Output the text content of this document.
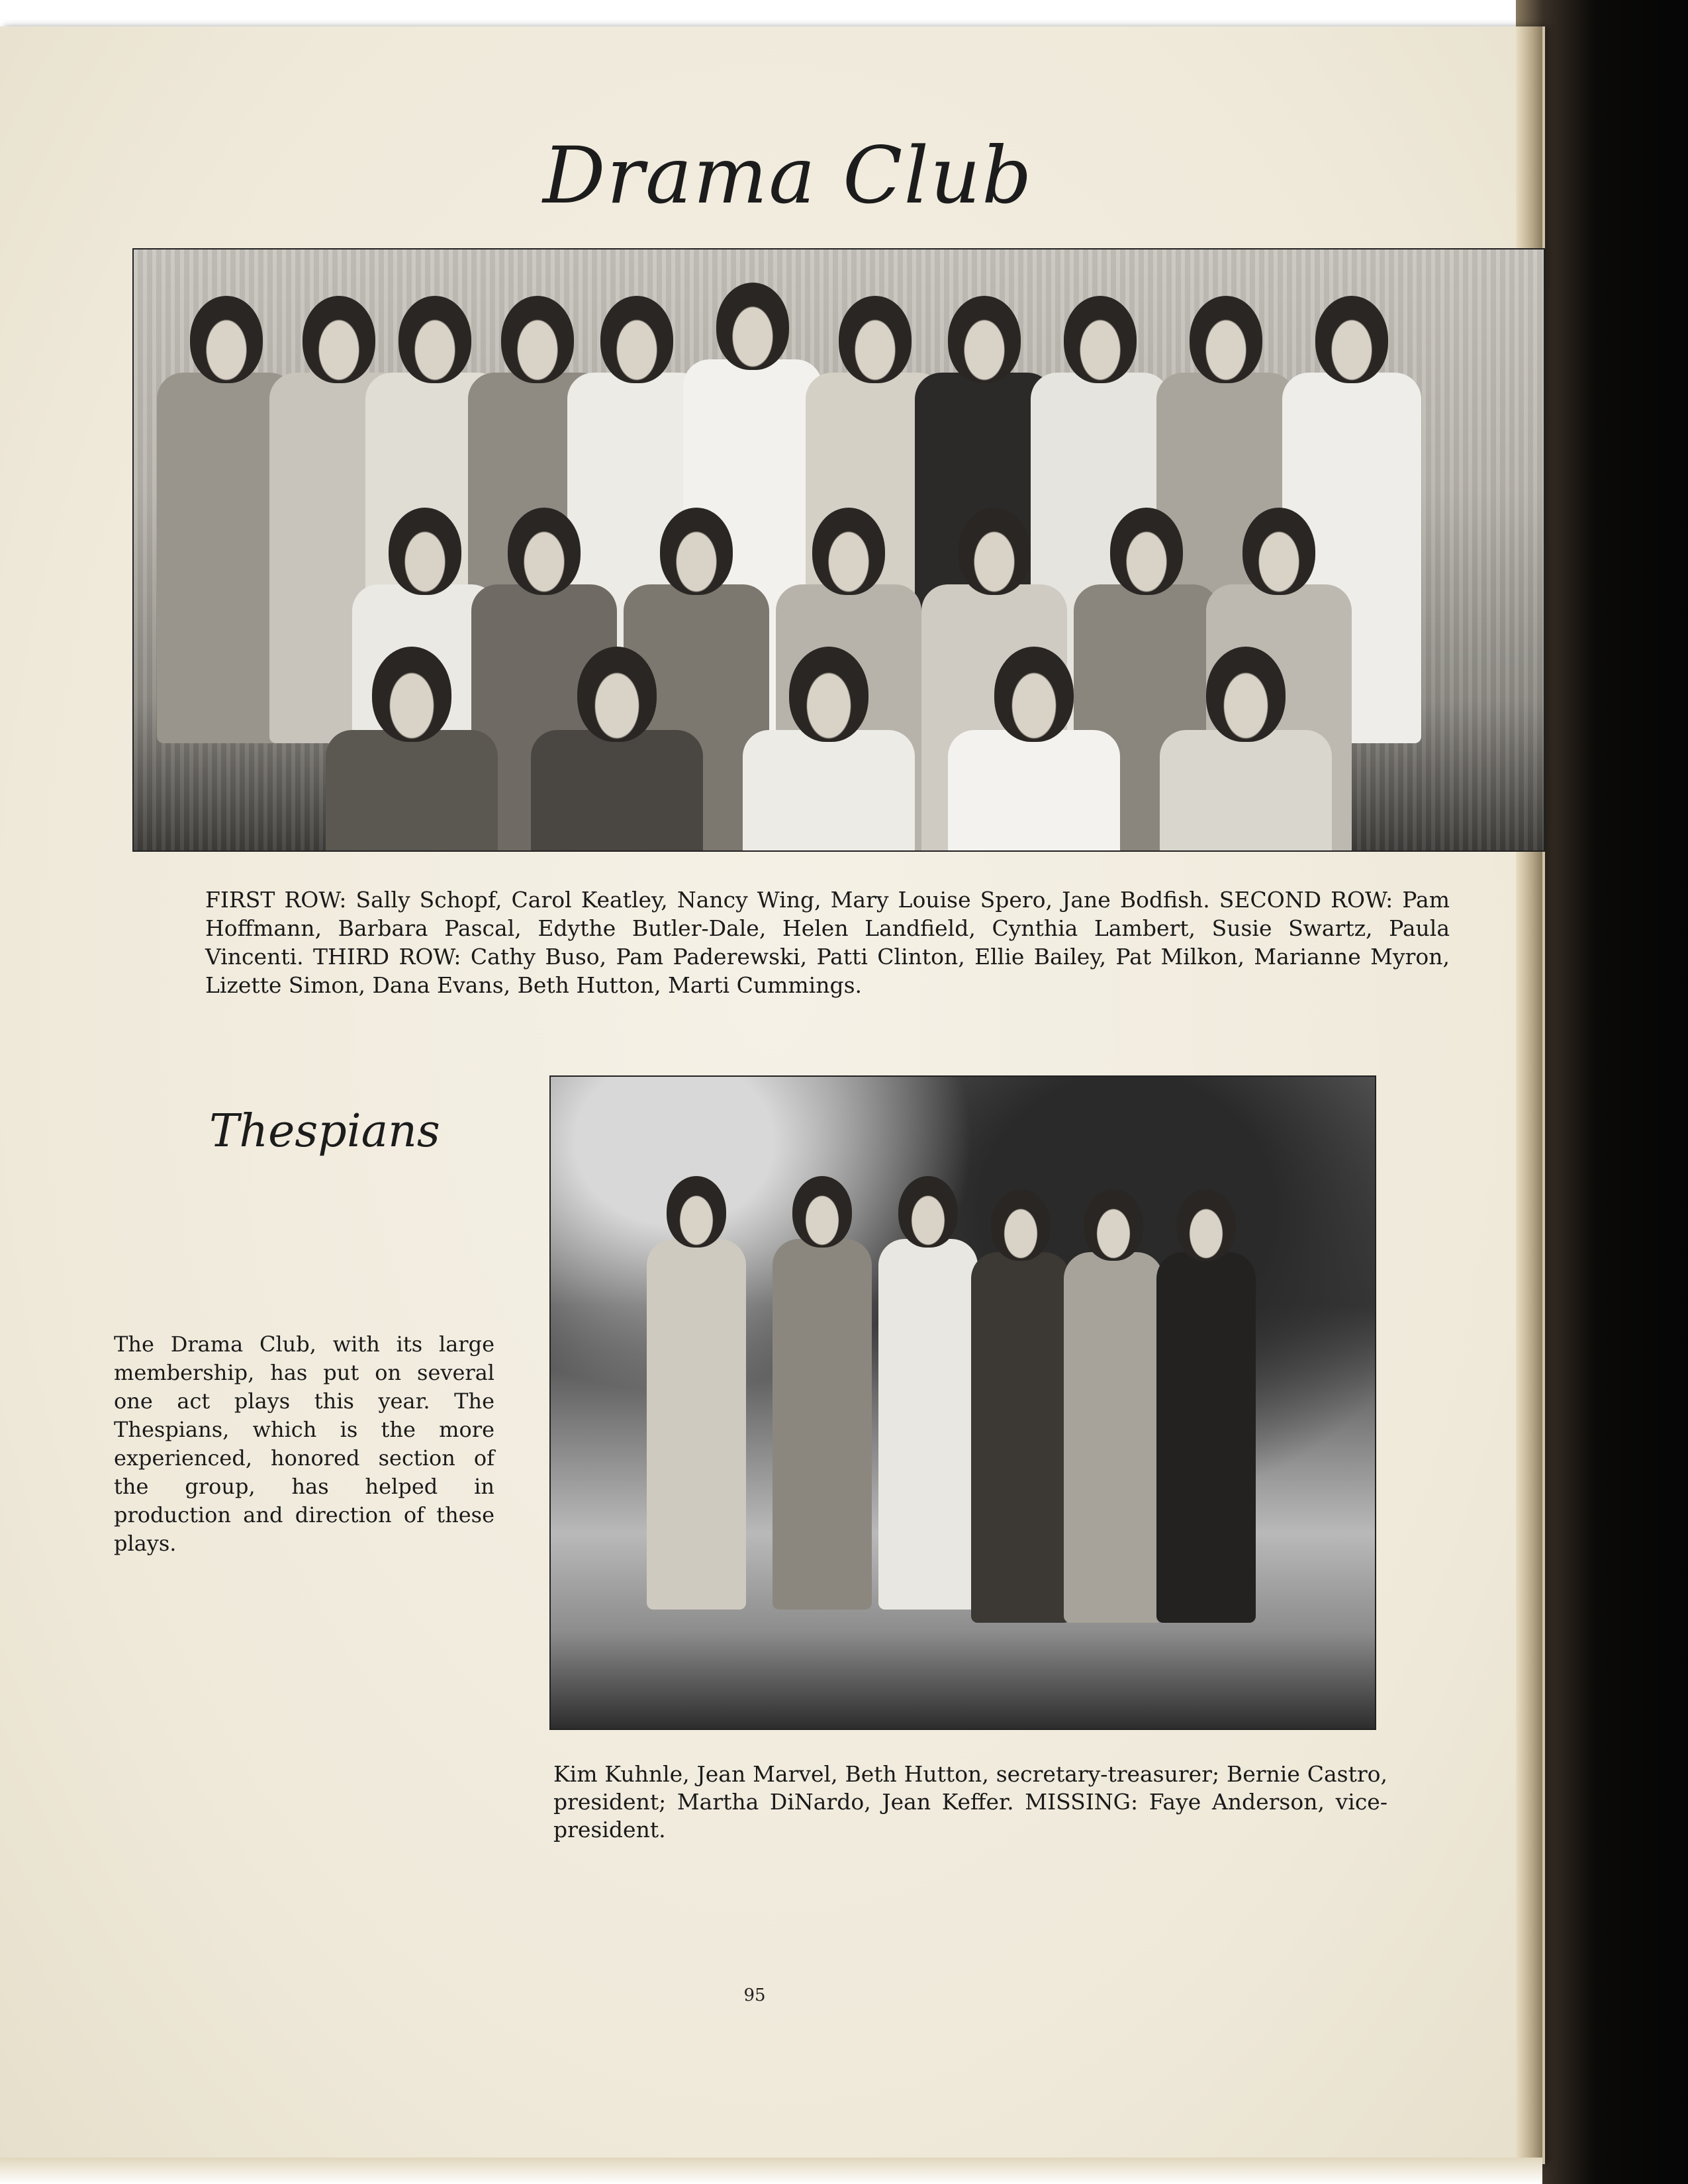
Drama Club
FIRST ROW: Sally Schopf, Carol Keatley, Nancy Wing, Mary Louise Spero, Jane Bodfish. SECOND ROW: Pam Hoffmann, Barbara Pascal, Edythe Butler-Dale, Helen Landfield, Cynthia Lambert, Susie Swartz, Paula Vincenti. THIRD ROW: Cathy Buso, Pam Paderewski, Patti Clinton, Ellie Bailey, Pat Milkon, Marianne Myron, Lizette Simon, Dana Evans, Beth Hutton, Marti Cummings.
Thespians
The Drama Club, with its large membership, has put on several one act plays this year. The Thespians, which is the more experienced, honored section of the group, has helped in production and direction of these plays.
Kim Kuhnle, Jean Marvel, Beth Hutton, secretary-treasurer; Bernie Castro, president; Martha DiNardo, Jean Keffer. MISSING: Faye Anderson, vice-president.
95
